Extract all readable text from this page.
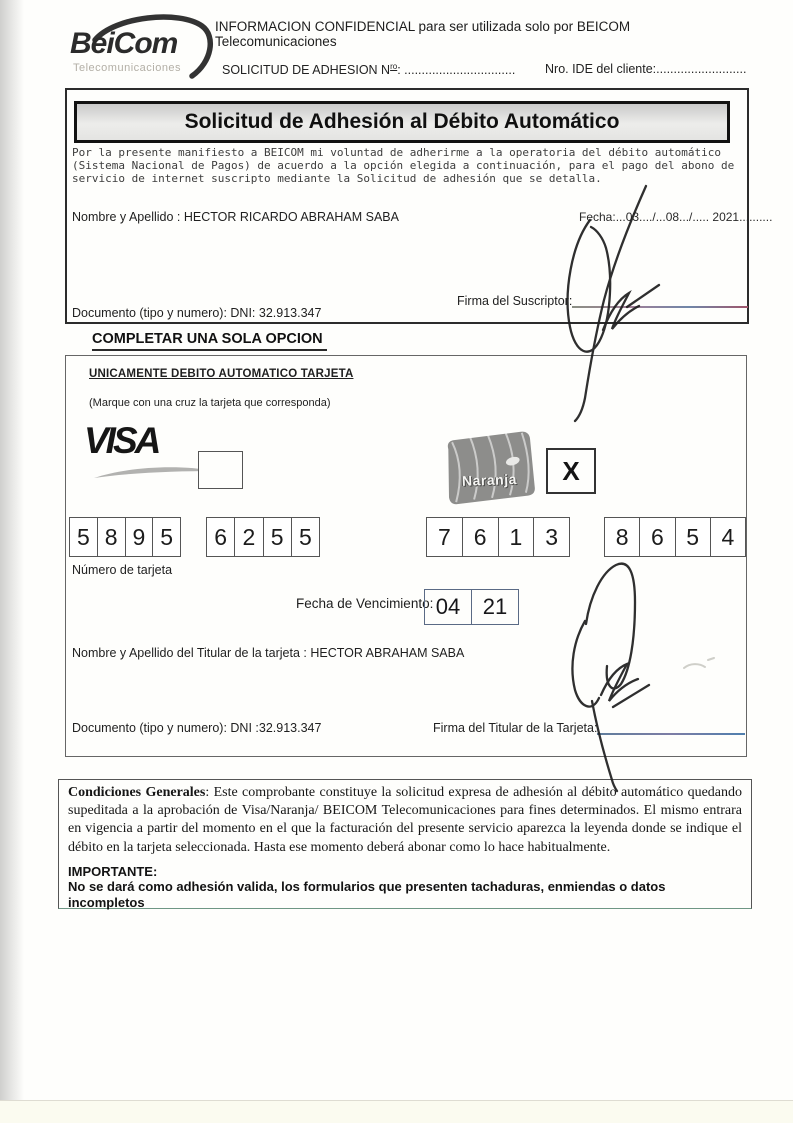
BeiCom
Telecomunicaciones
INFORMACION CONFIDENCIAL para ser utilizada solo por BEICOM Telecomunicaciones
SOLICITUD DE ADHESION $N^{ro}$: ................................ Nro. IDE del cliente:..........................
Solicitud de Adhesión al Débito Automático
Por la presente manifiesto a BEICOM mi voluntad de adherirme a la operatoria del débito automático (Sistema Nacional de Pagos) de acuerdo a la opción elegida a continuación, para el pago del abono de servicio de internet suscripto mediante la Solicitud de adhesión que se detalla.
Nombre y Apellido : HECTOR RICARDO ABRAHAM SABA	Fecha:...03..../...08.../..... 2021..........
Firma del Suscriptor:
Documento (tipo y numero): DNI: 32.913.347
COMPLETAR UNA SOLA OPCION
UNICAMENTE DEBITO AUTOMATICO TARJETA
(Marque con una cruz la tarjeta que corresponda)
VISA
Naranja	X
5 8 9 5	6 2 5 5	7 6 1 3	8 6 5 4
Número de tarjeta
Fecha de Vencimiento: 04	21
Nombre y Apellido del Titular de la tarjeta : HECTOR ABRAHAM SABA
Documento (tipo y numero): DNI :32.913.347	Firma del Titular de la Tarjeta:
Condiciones Generales: Este comprobante constituye la solicitud expresa de adhesión al débito automático quedando supeditada a la aprobación de Visa/Naranja/ BEICOM Telecomunicaciones para fines determinados. El mismo entrara en vigencia a partir del momento en el que la facturación del presente servicio aparezca la leyenda donde se indique el débito en la tarjeta seleccionada. Hasta ese momento deberá abonar como lo hace habitualmente.
IMPORTANTE:
No se dará como adhesión valida, los formularios que presenten tachaduras, enmiendas o datos incompletos
